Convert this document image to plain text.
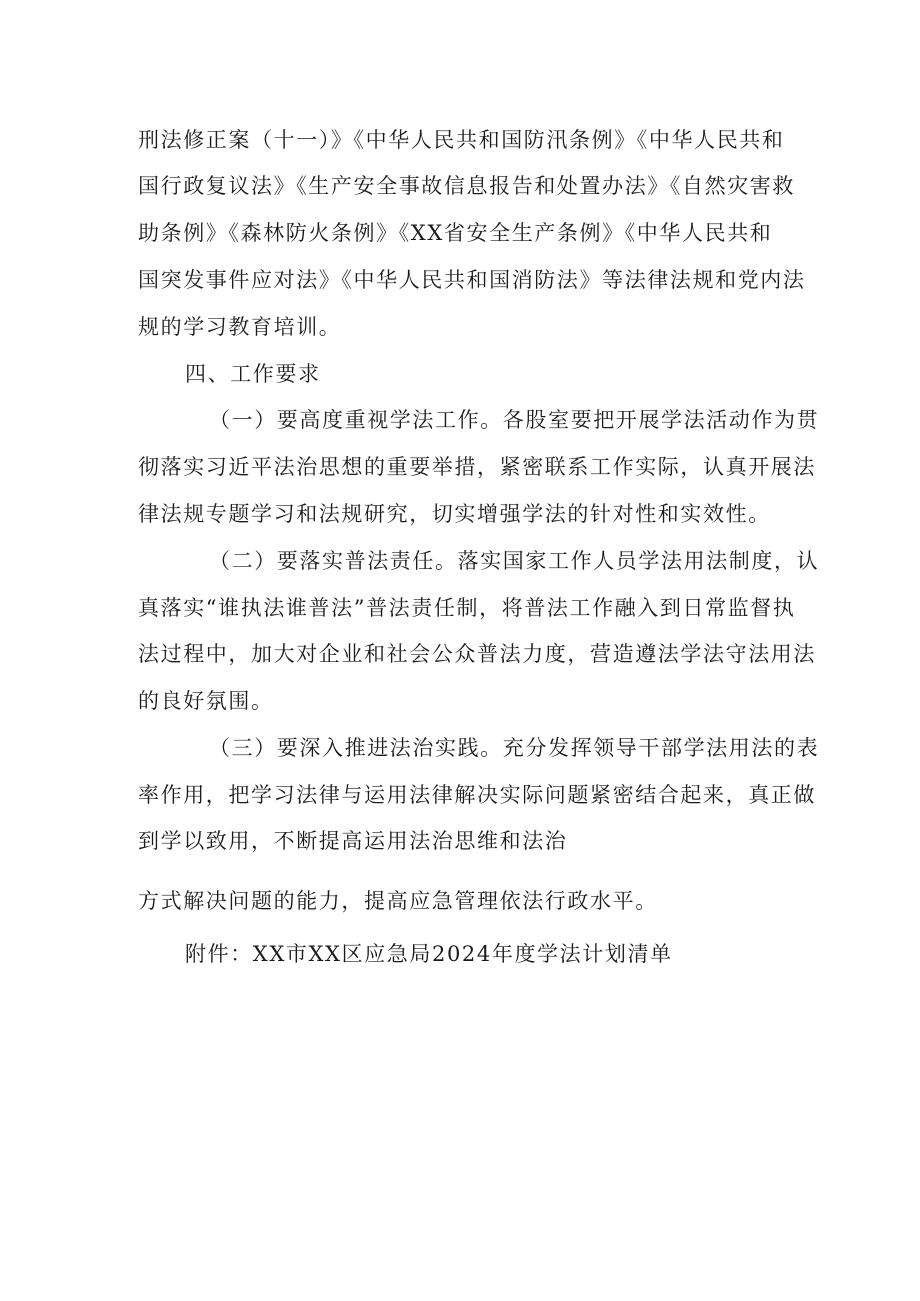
刑法修正案（十一）》《中华人民共和国防汛条例》《中华人民共和
国行政复议法》《生产安全事故信息报告和处置办法》《自然灾害救
助条例》《森林防火条例》《XX省安全生产条例》《中华人民共和
国突发事件应对法》《中华人民共和国消防法》等法律法规和党内法
规的学习教育培训。
四、工作要求
（一）要高度重视学法工作。各股室要把开展学法活动作为贯
彻落实习近平法治思想的重要举措，紧密联系工作实际，认真开展法
律法规专题学习和法规研究，切实增强学法的针对性和实效性。
（二）要落实普法责任。落实国家工作人员学法用法制度，认
真落实“谁执法谁普法”普法责任制，将普法工作融入到日常监督执
法过程中，加大对企业和社会公众普法力度，营造遵法学法守法用法
的良好氛围。
（三）要深入推进法治实践。充分发挥领导干部学法用法的表
率作用，把学习法律与运用法律解决实际问题紧密结合起来，真正做
到学以致用，不断提高运用法治思维和法治
方式解决问题的能力，提高应急管理依法行政水平。
附件：XX市XX区应急局2024年度学法计划清单
